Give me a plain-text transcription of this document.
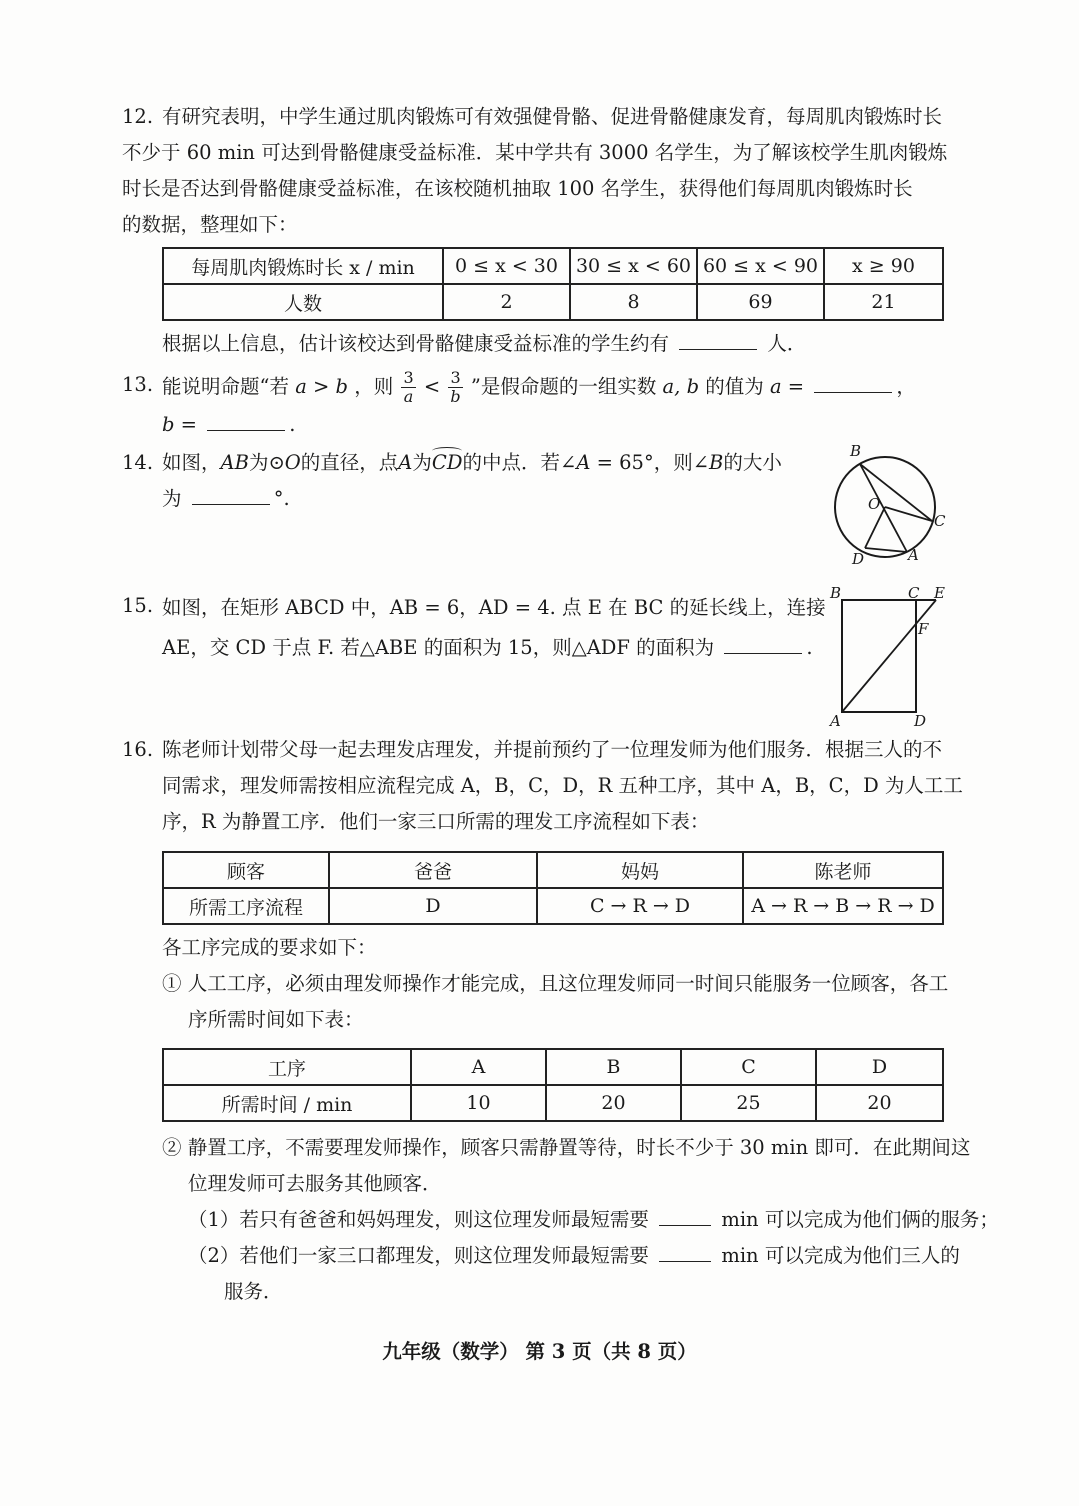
12. 有研究表明，中学生通过肌肉锻炼可有效强健骨骼、促进骨骼健康发育，每周肌肉锻炼时长
不少于 60 min 可达到骨骼健康受益标准．某中学共有 3000 名学生，为了解该校学生肌肉锻炼
时长是否达到骨骼健康受益标准，在该校随机抽取 100 名学生，获得他们每周肌肉锻炼时长
的数据，整理如下：
每周肌肉锻炼时长 x / min	0 ≤ x < 30	30 ≤ x < 60	60 ≤ x < 90	x ≥ 90
人数	2	8	69	21
根据以上信息，估计该校达到骨骼健康受益标准的学生约有	人．
13. 能说明命题“若 a > b ，则 $\frac{3}{a} < \frac{3}{b}$ ”是假命题的一组实数 a, b 的值为 a =	，
b =	.
14. 如图，AB为⊙O的直径，点A为CD的中点．若∠A = 65°，则∠B的大小
为	°.
B
O
C
D	A
15. 如图，在矩形 ABCD 中，AB = 6，AD = 4. 点 E 在 BC 的延长线上，连接
AE，交 CD 于点 F. 若△ABE 的面积为 15，则△ADF 的面积为	.
B	C E
F
A	D
16. 陈老师计划带父母一起去理发店理发，并提前预约了一位理发师为他们服务．根据三人的不
同需求，理发师需按相应流程完成 A，B，C，D，R 五种工序，其中 A，B，C，D 为人工工
序，R 为静置工序．他们一家三口所需的理发工序流程如下表：
顾客	爸爸	妈妈	陈老师
所需工序流程	D	C → R → D	A → R → B → R → D
各工序完成的要求如下：
① 人工工序，必须由理发师操作才能完成，且这位理发师同一时间只能服务一位顾客，各工
序所需时间如下表：
工序	A	B	C	D
所需时间 / min	10	20	25	20
② 静置工序，不需要理发师操作，顾客只需静置等待，时长不少于 30 min 即可．在此期间这
位理发师可去服务其他顾客．
（1）若只有爸爸和妈妈理发，则这位理发师最短需要	min 可以完成为他们俩的服务；
（2）若他们一家三口都理发，则这位理发师最短需要	min 可以完成为他们三人的
服务．
九年级（数学） 第 3 页（共 8 页）
